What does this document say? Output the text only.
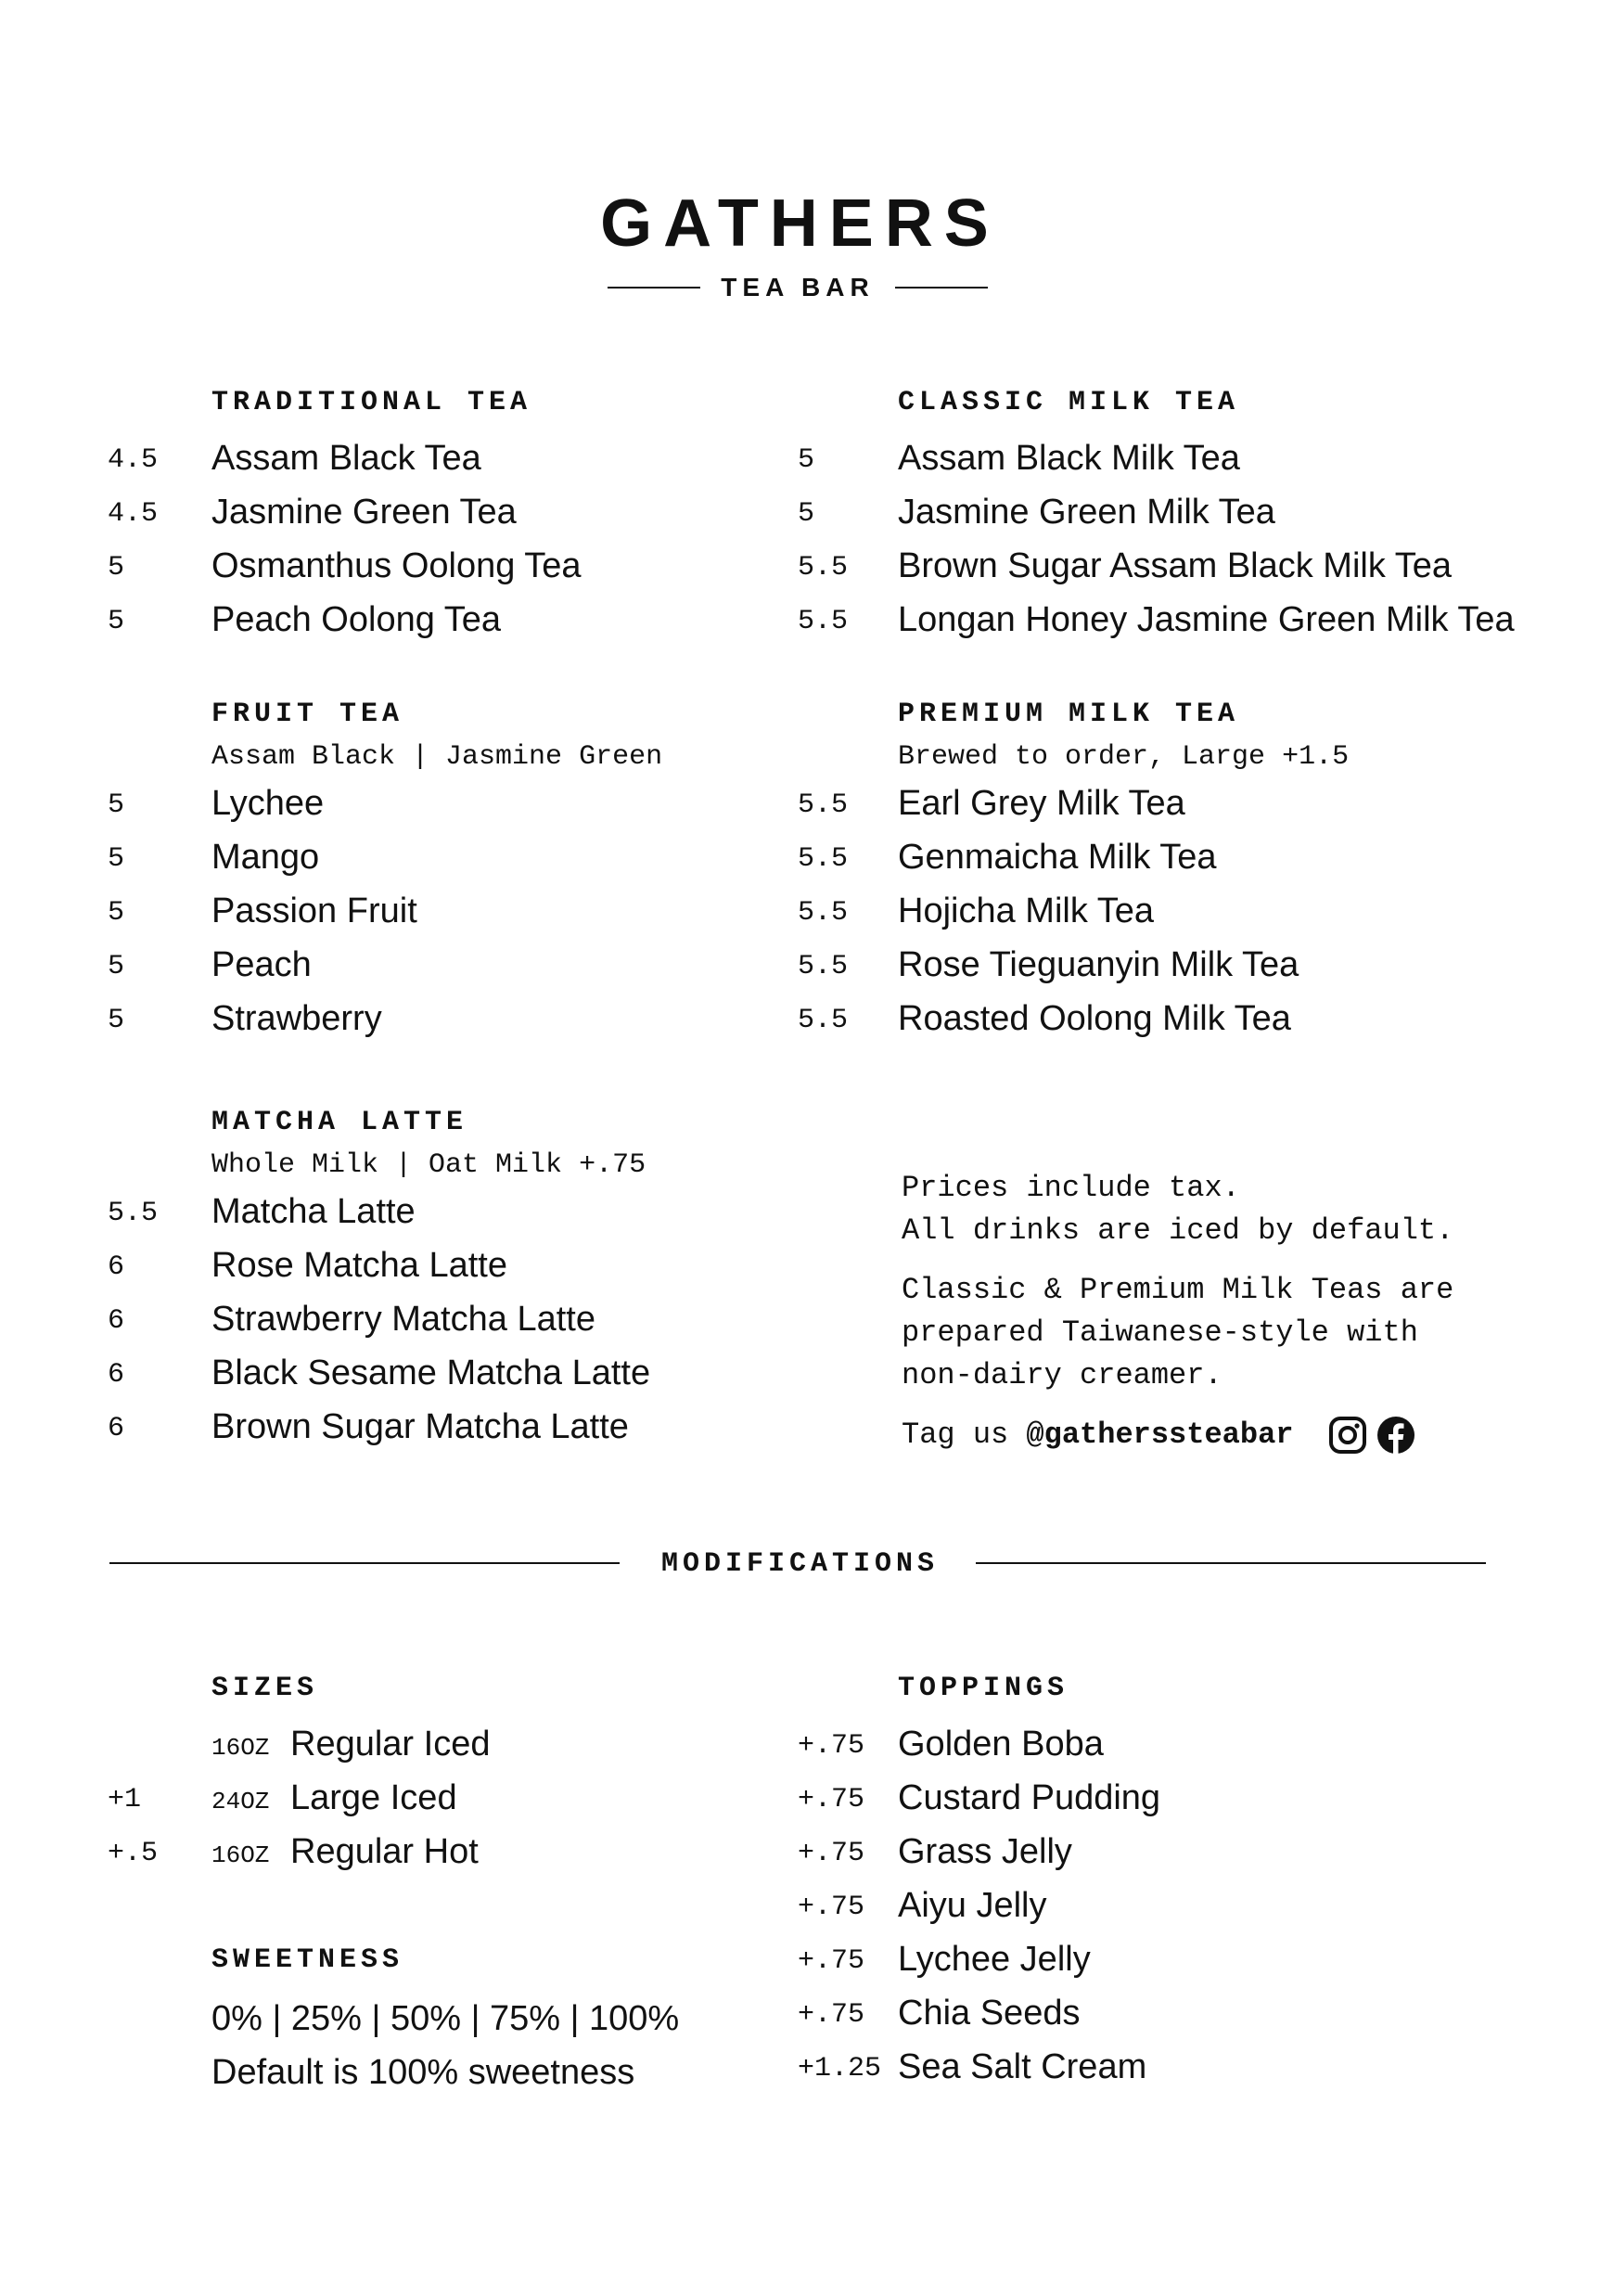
GATHERS
TEA BAR
TRADITIONAL TEA
4.5 Assam Black Tea
4.5 Jasmine Green Tea
5 Osmanthus Oolong Tea
5 Peach Oolong Tea
CLASSIC MILK TEA
5 Assam Black Milk Tea
5 Jasmine Green Milk Tea
5.5 Brown Sugar Assam Black Milk Tea
5.5 Longan Honey Jasmine Green Milk Tea
FRUIT TEA
Assam Black | Jasmine Green
5 Lychee
5 Mango
5 Passion Fruit
5 Peach
5 Strawberry
PREMIUM MILK TEA
Brewed to order, Large +1.5
5.5 Earl Grey Milk Tea
5.5 Genmaicha Milk Tea
5.5 Hojicha Milk Tea
5.5 Rose Tieguanyin Milk Tea
5.5 Roasted Oolong Milk Tea
MATCHA LATTE
Whole Milk | Oat Milk +.75
5.5 Matcha Latte
6 Rose Matcha Latte
6 Strawberry Matcha Latte
6 Black Sesame Matcha Latte
6 Brown Sugar Matcha Latte

Prices include tax.

All drinks are iced by default.

Classic & Premium Milk Teas are

prepared Taiwanese-style with

non-dairy creamer.

Tag us @gatherssteabar

MODIFICATIONS
SIZES
16OZ Regular Iced
+1	24OZ Large Iced
+.5 16OZ Regular Hot
SWEETNESS
0% | 25% | 50% | 75% | 100%
Default is 100% sweetness
TOPPINGS
+.75 Golden Boba
+.75 Custard Pudding
+.75 Grass Jelly
+.75 Aiyu Jelly
+.75 Lychee Jelly
+.75 Chia Seeds
+1.25 Sea Salt Cream
